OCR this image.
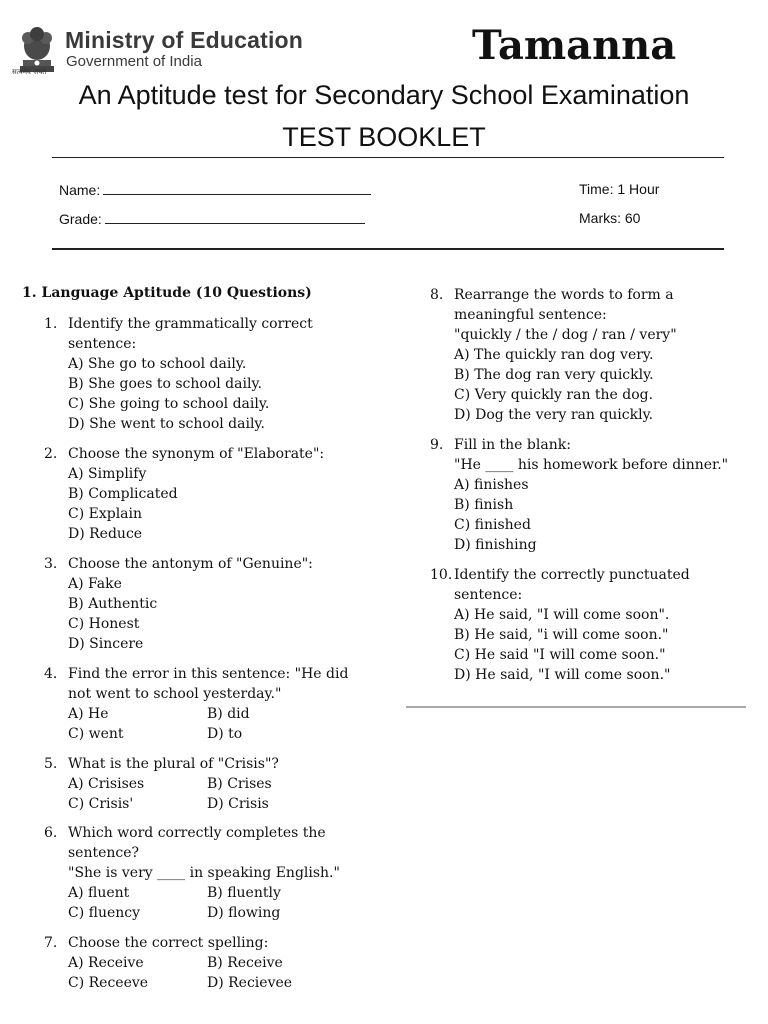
सत्यमेव जयते
Ministry of Education
Government of India	Tamanna
An Aptitude test for Secondary School Examination
TEST BOOKLET
Name:
Grade:
Time: 1 Hour
Marks: 60
1. Language Aptitude (10 Questions)
1. Identify the grammatically correct
sentence:
A) She go to school daily.
B) She goes to school daily.
C) She going to school daily.
D) She went to school daily.
2. Choose the synonym of "Elaborate":
A) Simplify
B) Complicated
C) Explain
D) Reduce
3. Choose the antonym of "Genuine":
A) Fake
B) Authentic
C) Honest
D) Sincere
4. Find the error in this sentence: "He did
not went to school yesterday."
A) He	B) did
C) went	D) to
5. What is the plural of "Crisis"?
A) Crisises	B) Crises
C) Crisis'	D) Crisis
6. Which word correctly completes the
sentence?
"She is very ____ in speaking English."
A) fluent	B) fluently
C) fluency	D) flowing
7. Choose the correct spelling:
A) Receive	B) Receive
C) Receeve	D) Recievee
8. Rearrange the words to form a
meaningful sentence:
"quickly / the / dog / ran / very"
A) The quickly ran dog very.
B) The dog ran very quickly.
C) Very quickly ran the dog.
D) Dog the very ran quickly.
9. Fill in the blank:
"He ____ his homework before dinner."
A) finishes
B) finish
C) finished
D) finishing
10. Identify the correctly punctuated
sentence:
A) He said, "I will come soon".
B) He said, "i will come soon."
C) He said "I will come soon."
D) He said, "I will come soon."
